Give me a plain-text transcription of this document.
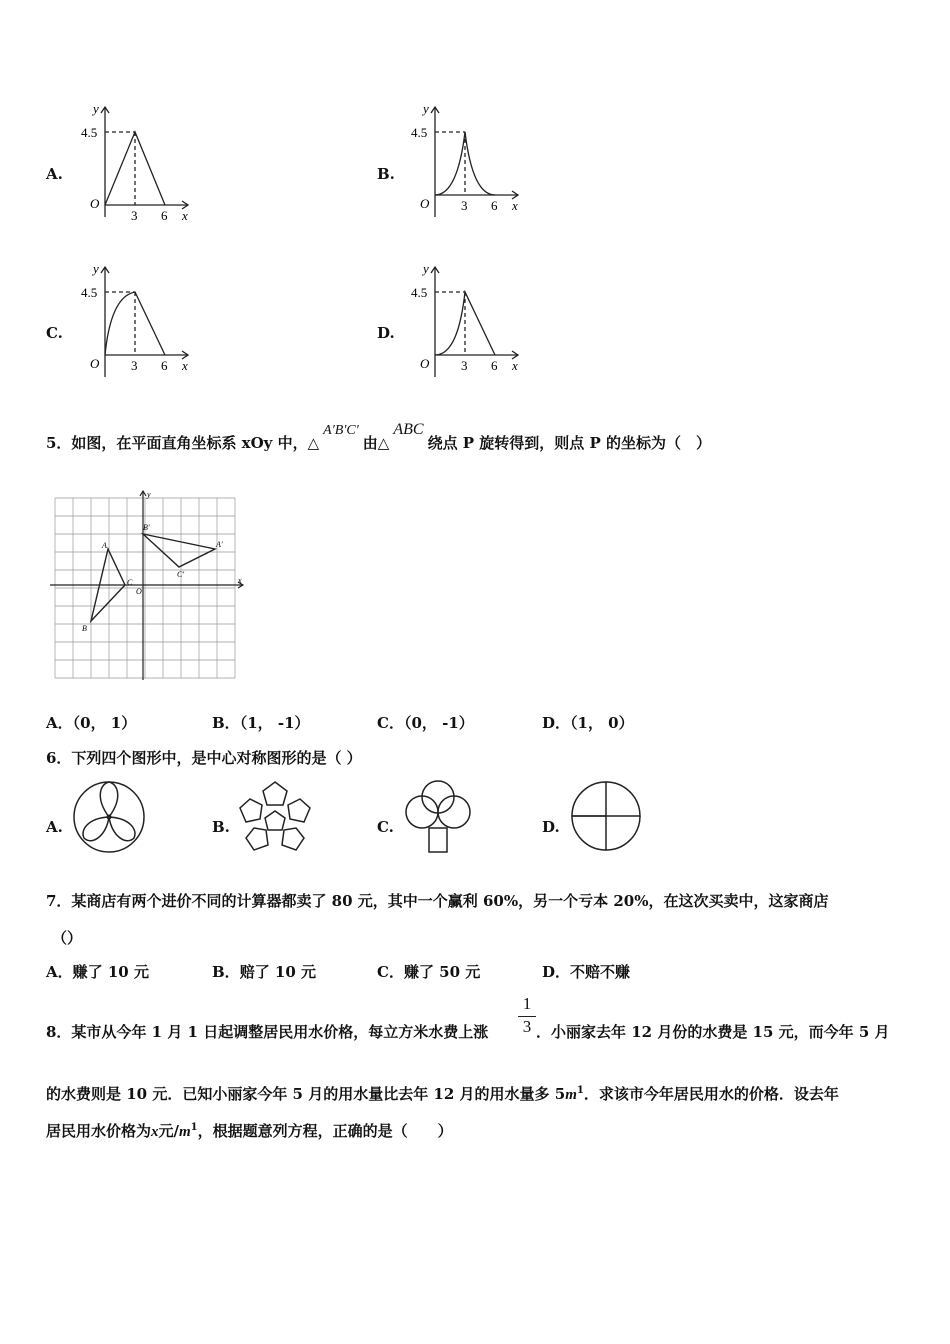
A.
y
4.5
O
3 6 x
B.
y
4.5
O 3 6 x
C.
y
4.5
O 3 6 x
D.
y
4.5
O 3 6 x
5．如图，在平面直角坐标系 xOy 中，△A′B′C′由△ABC绕点 P 旋转得到，则点 P 的坐标为（　）
y
x
O
A
B
C
A′
B′
C′
A．（0， 1）	B．（1， -1）	C．（0， -1）	D．（1， 0）
6．下列四个图形中，是中心对称图形的是（ ）
A.	B.	C.	D.
7．某商店有两个进价不同的计算器都卖了 80 元，其中一个赢利 60%，另一个亏本 20%，在这次买卖中，这家商店
（）
A．赚了 10 元	B．赔了 10 元	C．赚了 50 元	D．不赔不赚
8．某市从今年 1 月 1 日起调整居民用水价格，每立方米水费上涨 $\frac{1}{3}$ ．小丽家去年 12 月份的水费是 15 元，而今年 5 月
的水费则是 10 元．已知小丽家今年 5 月的用水量比去年 12 月的用水量多 $5m^1$．求该市今年居民用水的价格．设去年
居民用水价格为x元$/m^1$，根据题意列方程，正确的是（　　）
